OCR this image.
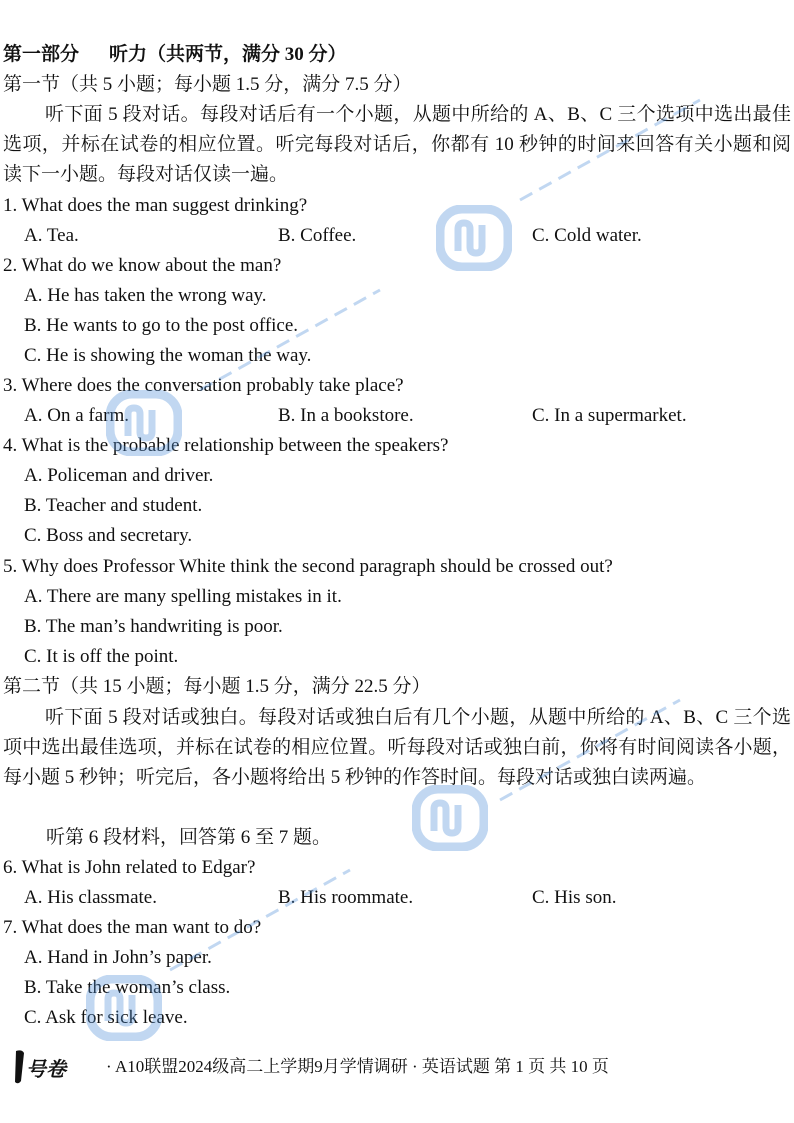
第一部分 听力（共两节，满分 30 分）
第一节（共 5 小题；每小题 1.5 分，满分 7.5 分）
听下面 5 段对话。每段对话后有一个小题，从题中所给的 A、B、C 三个选项中选出最佳选项，并标在试卷的相应位置。听完每段对话后，你都有 10 秒钟的时间来回答有关小题和阅读下一小题。每段对话仅读一遍。
1. What does the man suggest drinking?
A. Tea.	B. Coffee.	C. Cold water.
2. What do we know about the man?
A. He has taken the wrong way.
B. He wants to go to the post office.
C. He is showing the woman the way.
3. Where does the conversation probably take place?
A. On a farm.	B. In a bookstore.	C. In a supermarket.
4. What is the probable relationship between the speakers?
A. Policeman and driver.
B. Teacher and student.
C. Boss and secretary.
5. Why does Professor White think the second paragraph should be crossed out?
A. There are many spelling mistakes in it.
B. The man’s handwriting is poor.
C. It is off the point.
第二节（共 15 小题；每小题 1.5 分，满分 22.5 分）
听下面 5 段对话或独白。每段对话或独白后有几个小题，从题中所给的 A、B、C 三个选项中选出最佳选项，并标在试卷的相应位置。听每段对话或独白前，你将有时间阅读各小题，每小题 5 秒钟；听完后，各小题将给出 5 秒钟的作答时间。每段对话或独白读两遍。
听第 6 段材料，回答第 6 至 7 题。
6. What is John related to Edgar?
A. His classmate.	B. His roommate.	C. His son.
7. What does the man want to do?
A. Hand in John’s paper.
B. Take the woman’s class.
C. Ask for sick leave.
号卷 · A10联盟2024级高二上学期9月学情调研 · 英语试题 第 1 页 共 10 页
